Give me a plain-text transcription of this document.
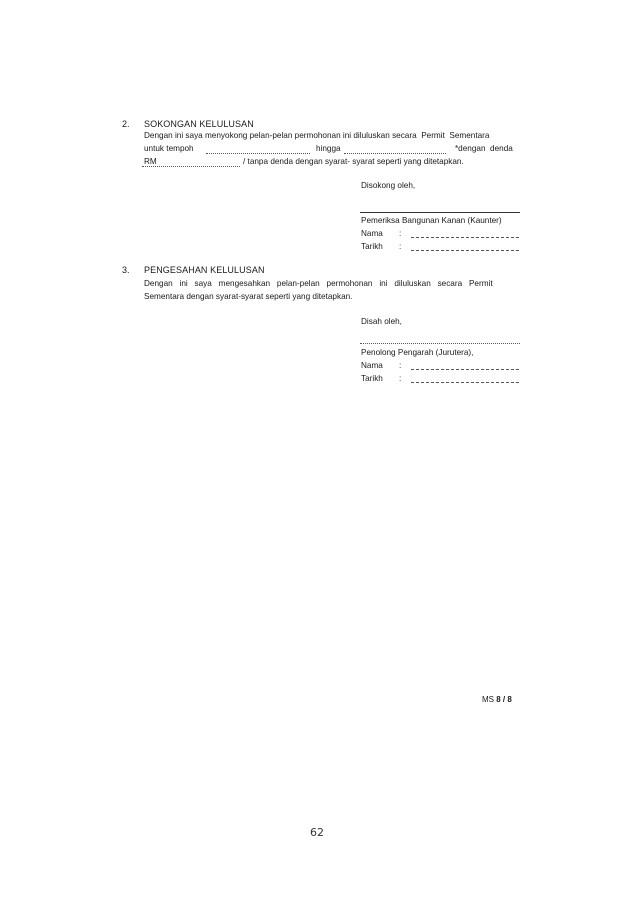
2. SOKONGAN KELULUSAN
Dengan ini saya menyokong pelan-pelan permohonan ini diluluskan secara  Permit  Sementara
untuk tempoh	hingga	*dengan  denda
RM	/ tanpa denda dengan syarat- syarat seperti yang ditetapkan.
Disokong oleh,
Pemeriksa Bangunan Kanan (Kaunter)
Nama :
Tarikh :
3. PENGESAHAN KELULUSAN
Dengan   ini   saya   mengesahkan   pelan-pelan   permohonan   ini   diluluskan   secara   Permit
Sementara dengan syarat-syarat seperti yang ditetapkan.
Disah oleh,
Penolong Pengarah (Jurutera),
Nama :
Tarikh :
MS 8 / 8
62
